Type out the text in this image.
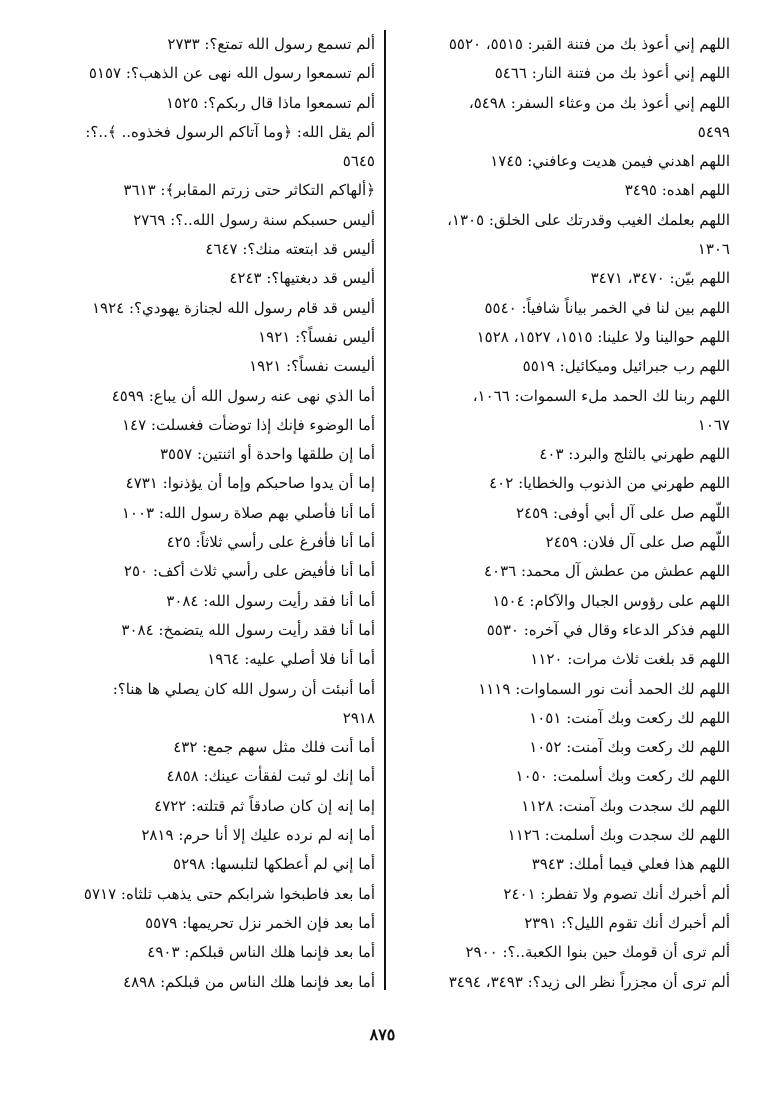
اللهم إني أعوذ بك من فتنة القبر: ٥٥١٥، ٥٥٢٠
اللهم إني أعوذ بك من فتنة النار: ٥٤٦٦
اللهم إني أعوذ بك من وعثاء السفر: ٥٤٩٨،
٥٤٩٩
اللهم اهدني فيمن هديت وعافني: ١٧٤٥
اللهم اهده: ٣٤٩٥
اللهم بعلمك الغيب وقدرتك على الخلق: ١٣٠٥،
١٣٠٦
اللهم بيّن: ٣٤٧٠، ٣٤٧١
اللهم بين لنا في الخمر بياناً شافياً: ٥٥٤٠
اللهم حوالينا ولا علينا: ١٥١٥، ١٥٢٧، ١٥٢٨
اللهم رب جبرائيل وميكائيل: ٥٥١٩
اللهم ربنا لك الحمد ملء السموات: ١٠٦٦،
١٠٦٧
اللهم طهرني بالثلج والبرد: ٤٠٣
اللهم طهرني من الذنوب والخطايا: ٤٠٢
اللّهم صل على آل أبي أوفى: ٢٤٥٩
اللّهم صل على آل فلان: ٢٤٥٩
اللهم عطش من عطش آل محمد: ٤٠٣٦
اللهم على رؤوس الجبال والآكام: ١٥٠٤
اللهم فذكر الدعاء وقال في آخره: ٥٥٣٠
اللهم قد بلغت ثلاث مرات: ١١٢٠
اللهم لك الحمد أنت نور السماوات: ١١١٩
اللهم لك ركعت وبك آمنت: ١٠٥١
اللهم لك ركعت وبك آمنت: ١٠٥٢
اللهم لك ركعت وبك أسلمت: ١٠٥٠
اللهم لك سجدت وبك آمنت: ١١٢٨
اللهم لك سجدت وبك أسلمت: ١١٢٦
اللهم هذا فعلي فيما أملك: ٣٩٤٣
ألم أخبرك أنك تصوم ولا تفطر: ٢٤٠١
ألم أخبرك أنك تقوم الليل؟: ٢٣٩١
ألم ترى أن قومك حين بنوا الكعبة..؟: ٢٩٠٠
ألم ترى أن مجزراً نظر الى زيد؟: ٣٤٩٣، ٣٤٩٤
ألم تسمع رسول الله تمتع؟: ٢٧٣٣
ألم تسمعوا رسول الله نهى عن الذهب؟: ٥١٥٧
ألم تسمعوا ماذا قال ربكم؟: ١٥٢٥
ألم يقل الله: ﴿وما آتاكم الرسول فخذوه.. ﴾..؟:
٥٦٤٥
﴿ألهاكم التكاثر حتى زرتم المقابر﴾: ٣٦١٣
أليس حسبكم سنة رسول الله..؟: ٢٧٦٩
أليس قد ابتعته منك؟: ٤٦٤٧
أليس قد دبغتيها؟: ٤٢٤٣
أليس قد قام رسول الله لجنازة يهودي؟: ١٩٢٤
أليس نفساً؟: ١٩٢١
أليست نفساً؟: ١٩٢١
أما الذي نهى عنه رسول الله أن يباع: ٤٥٩٩
أما الوضوء فإنك إذا توضأت فغسلت: ١٤٧
أما إن طلقها واحدة أو اثنتين: ٣٥٥٧
إما أن يدوا صاحبكم وإما أن يؤذنوا: ٤٧٣١
أما أنا فأصلي بهم صلاة رسول الله: ١٠٠٣
أما أنا فأفرغ على رأسي ثلاثاً: ٤٢٥
أما أنا فأفيض على رأسي ثلاث أكف: ٢٥٠
أما أنا فقد رأيت رسول الله: ٣٠٨٤
أما أنا فقد رأيت رسول الله يتضمخ: ٣٠٨٤
أما أنا فلا أصلي عليه: ١٩٦٤
أما أنبئت أن رسول الله كان يصلي ها هنا؟:
٢٩١٨
أما أنت فلك مثل سهم جمع: ٤٣٢
أما إنك لو ثبت لفقأت عينك: ٤٨٥٨
إما إنه إن كان صادقاً ثم قتلته: ٤٧٢٢
أما إنه لم نرده عليك إلا أنا حرم: ٢٨١٩
أما إني لم أعطكها لتلبسها: ٥٢٩٨
أما بعد فاطبخوا شرابكم حتى يذهب ثلثاه: ٥٧١٧
أما بعد فإن الخمر نزل تحريمها: ٥٥٧٩
أما بعد فإنما هلك الناس قبلكم: ٤٩٠٣
أما بعد فإنما هلك الناس من قبلكم: ٤٨٩٨
٨٧٥
